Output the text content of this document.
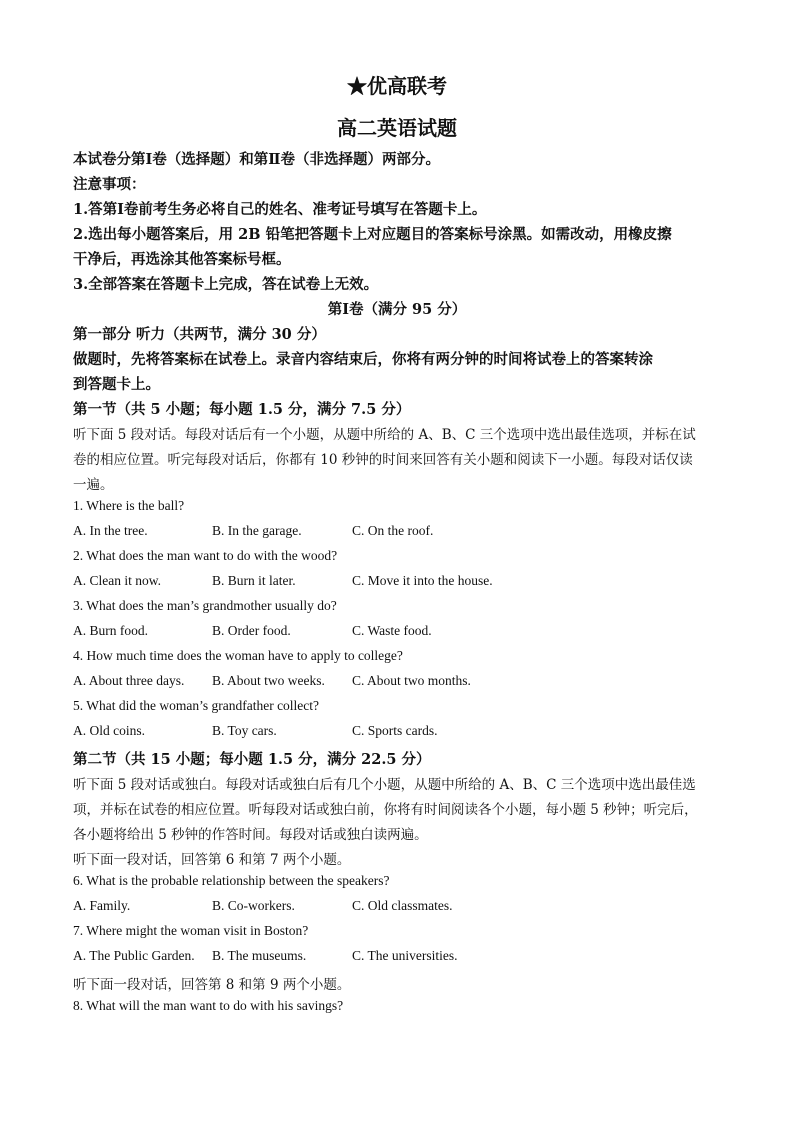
★优高联考
高二英语试题
本试卷分第Ⅰ卷（选择题）和第Ⅱ卷（非选择题）两部分。
注意事项：
1.答第Ⅰ卷前考生务必将自己的姓名、准考证号填写在答题卡上。
2.选出每小题答案后，用 2B 铅笔把答题卡上对应题目的答案标号涂黑。如需改动，用橡皮擦
干净后，再选涂其他答案标号框。
3.全部答案在答题卡上完成，答在试卷上无效。
第Ⅰ卷（满分 95 分）
第一部分 听力（共两节，满分 30 分）
做题时，先将答案标在试卷上。录音内容结束后，你将有两分钟的时间将试卷上的答案转涂
到答题卡上。
第一节（共 5 小题；每小题 1.5 分，满分 7.5 分）
听下面 5 段对话。每段对话后有一个小题，从题中所给的 A、B、C 三个选项中选出最佳选项，并标在试
卷的相应位置。听完每段对话后，你都有 10 秒钟的时间来回答有关小题和阅读下一小题。每段对话仅读
一遍。
1. Where is the ball?
A. In the tree.	B. In the garage.	C. On the roof.
2. What does the man want to do with the wood?
A. Clean it now.	B. Burn it later.	C. Move it into the house.
3. What does the man’s grandmother usually do?
A. Burn food.	B. Order food.	C. Waste food.
4. How much time does the woman have to apply to college?
A. About three days. B. About two weeks. C. About two months.
5. What did the woman’s grandfather collect?
A. Old coins.	B. Toy cars.	C. Sports cards.
第二节（共 15 小题；每小题 1.5 分，满分 22.5 分）
听下面 5 段对话或独白。每段对话或独白后有几个小题，从题中所给的 A、B、C 三个选项中选出最佳选
项，并标在试卷的相应位置。听每段对话或独白前，你将有时间阅读各个小题，每小题 5 秒钟；听完后，
各小题将给出 5 秒钟的作答时间。每段对话或独白读两遍。
听下面一段对话，回答第 6 和第 7 两个小题。
6. What is the probable relationship between the speakers?
A. Family.	B. Co-workers.	C. Old classmates.
7. Where might the woman visit in Boston?
A. The Public Garden. B. The museums.	C. The universities.
听下面一段对话，回答第 8 和第 9 两个小题。
8. What will the man want to do with his savings?
